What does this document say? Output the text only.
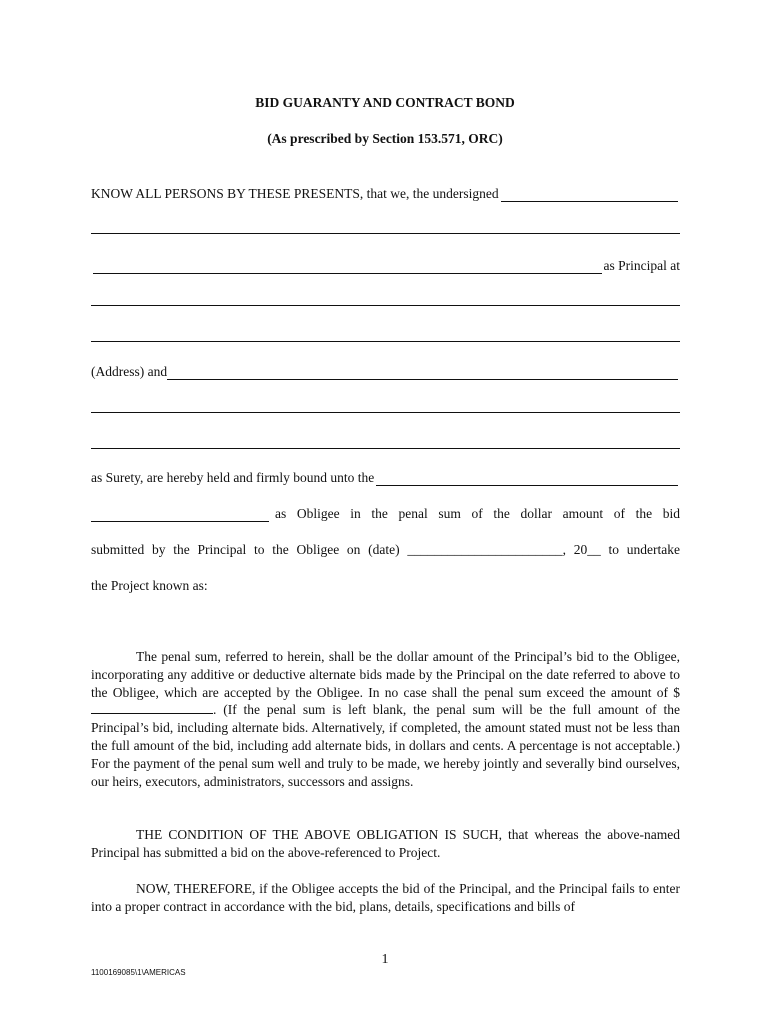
BID GUARANTY AND CONTRACT BOND
(As prescribed by Section 153.571, ORC)
KNOW ALL PERSONS BY THESE PRESENTS, that we, the undersigned
as Principal at
(Address) and
as Surety, are hereby held and firmly bound unto the
as Obligee in the penal sum of the dollar amount of the bid
submitted by the Principal to the Obligee on (date) _______________________, 20__ to undertake
the Project known as:
The penal sum, referred to herein, shall be the dollar amount of the Principal’s bid to the Obligee, incorporating any additive or deductive alternate bids made by the Principal on the date referred to above to the Obligee, which are accepted by the Obligee. In no case shall the penal sum exceed the amount of $. (If the penal sum is left blank, the penal sum will be the full amount of the Principal’s bid, including alternate bids. Alternatively, if completed, the amount stated must not be less than the full amount of the bid, including add alternate bids, in dollars and cents. A percentage is not acceptable.) For the payment of the penal sum well and truly to be made, we hereby jointly and severally bind ourselves, our heirs, executors, administrators, successors and assigns.
THE CONDITION OF THE ABOVE OBLIGATION IS SUCH, that whereas the above-named Principal has submitted a bid on the above-referenced to Project.
NOW, THEREFORE, if the Obligee accepts the bid of the Principal, and the Principal fails to enter into a proper contract in accordance with the bid, plans, details, specifications and bills of
1
1100169085\1\AMERICAS
